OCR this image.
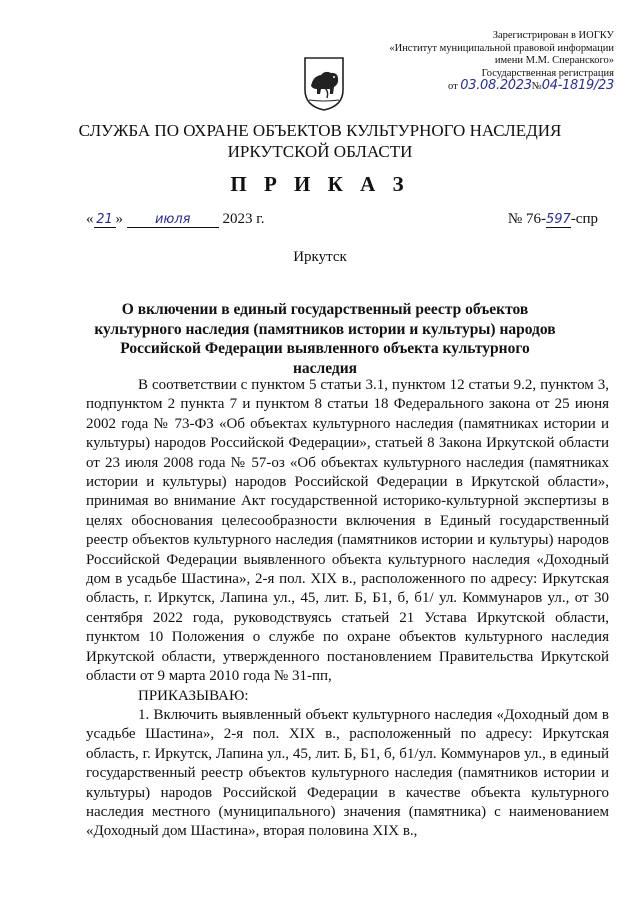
Зарегистрирован в ИОГКУ
«Институт муниципальной правовой информации
имени М.М. Сперанского»
Государственная регистрация
от 03.08.2023№04-1819/23
СЛУЖБА ПО ОХРАНЕ ОБЪЕКТОВ КУЛЬТУРНОГО НАСЛЕДИЯ
ИРКУТСКОЙ ОБЛАСТИ
П Р И К А З
« 21 » июля 2023 г.	№ 76-597-спр
Иркутск
О включении в единый государственный реестр объектов культурного наследия (памятников истории и культуры) народов Российской Федерации выявленного объекта культурного наследия

В соответствии с пунктом 5 статьи 3.1, пунктом 12 статьи 9.2, пунктом 3, подпунктом 2 пункта 7 и пунктом 8 статьи 18 Федерального закона от 25 июня 2002 года № 73-ФЗ «Об объектах культурного наследия (памятниках истории и культуры) народов Российской Федерации», статьей 8 Закона Иркутской области от 23 июля 2008 года № 57-оз «Об объектах культурного наследия (памятниках истории и культуры) народов Российской Федерации в Иркутской области», принимая во внимание Акт государственной историко-культурной экспертизы в целях обоснования целесообразности включения в Единый государственный реестр объектов культурного наследия (памятников истории и культуры) народов Российской Федерации выявленного объекта культурного наследия «Доходный дом в усадьбе Шастина», 2-я пол. XIX в., расположенного по адресу: Иркутская область, г. Иркутск, Лапина ул., 45, лит. Б, Б1, б, б1/ ул. Коммунаров ул., от 30 сентября 2022 года, руководствуясь статьей 21 Устава Иркутской области, пунктом 10 Положения о службе по охране объектов культурного наследия Иркутской области, утвержденного постановлением Правительства Иркутской области от 9 марта 2010 года № 31-пп,

ПРИКАЗЫВАЮ:

1. Включить выявленный объект культурного наследия «Доходный дом в усадьбе Шастина», 2-я пол. XIX в., расположенный по адресу: Иркутская область, г. Иркутск, Лапина ул., 45, лит. Б, Б1, б, б1/ул. Коммунаров ул., в единый государственный реестр объектов культурного наследия (памятников истории и культуры) народов Российской Федерации в качестве объекта культурного наследия местного (муниципального) значения (памятника) с наименованием «Доходный дом Шастина», вторая половина XIX в.,
